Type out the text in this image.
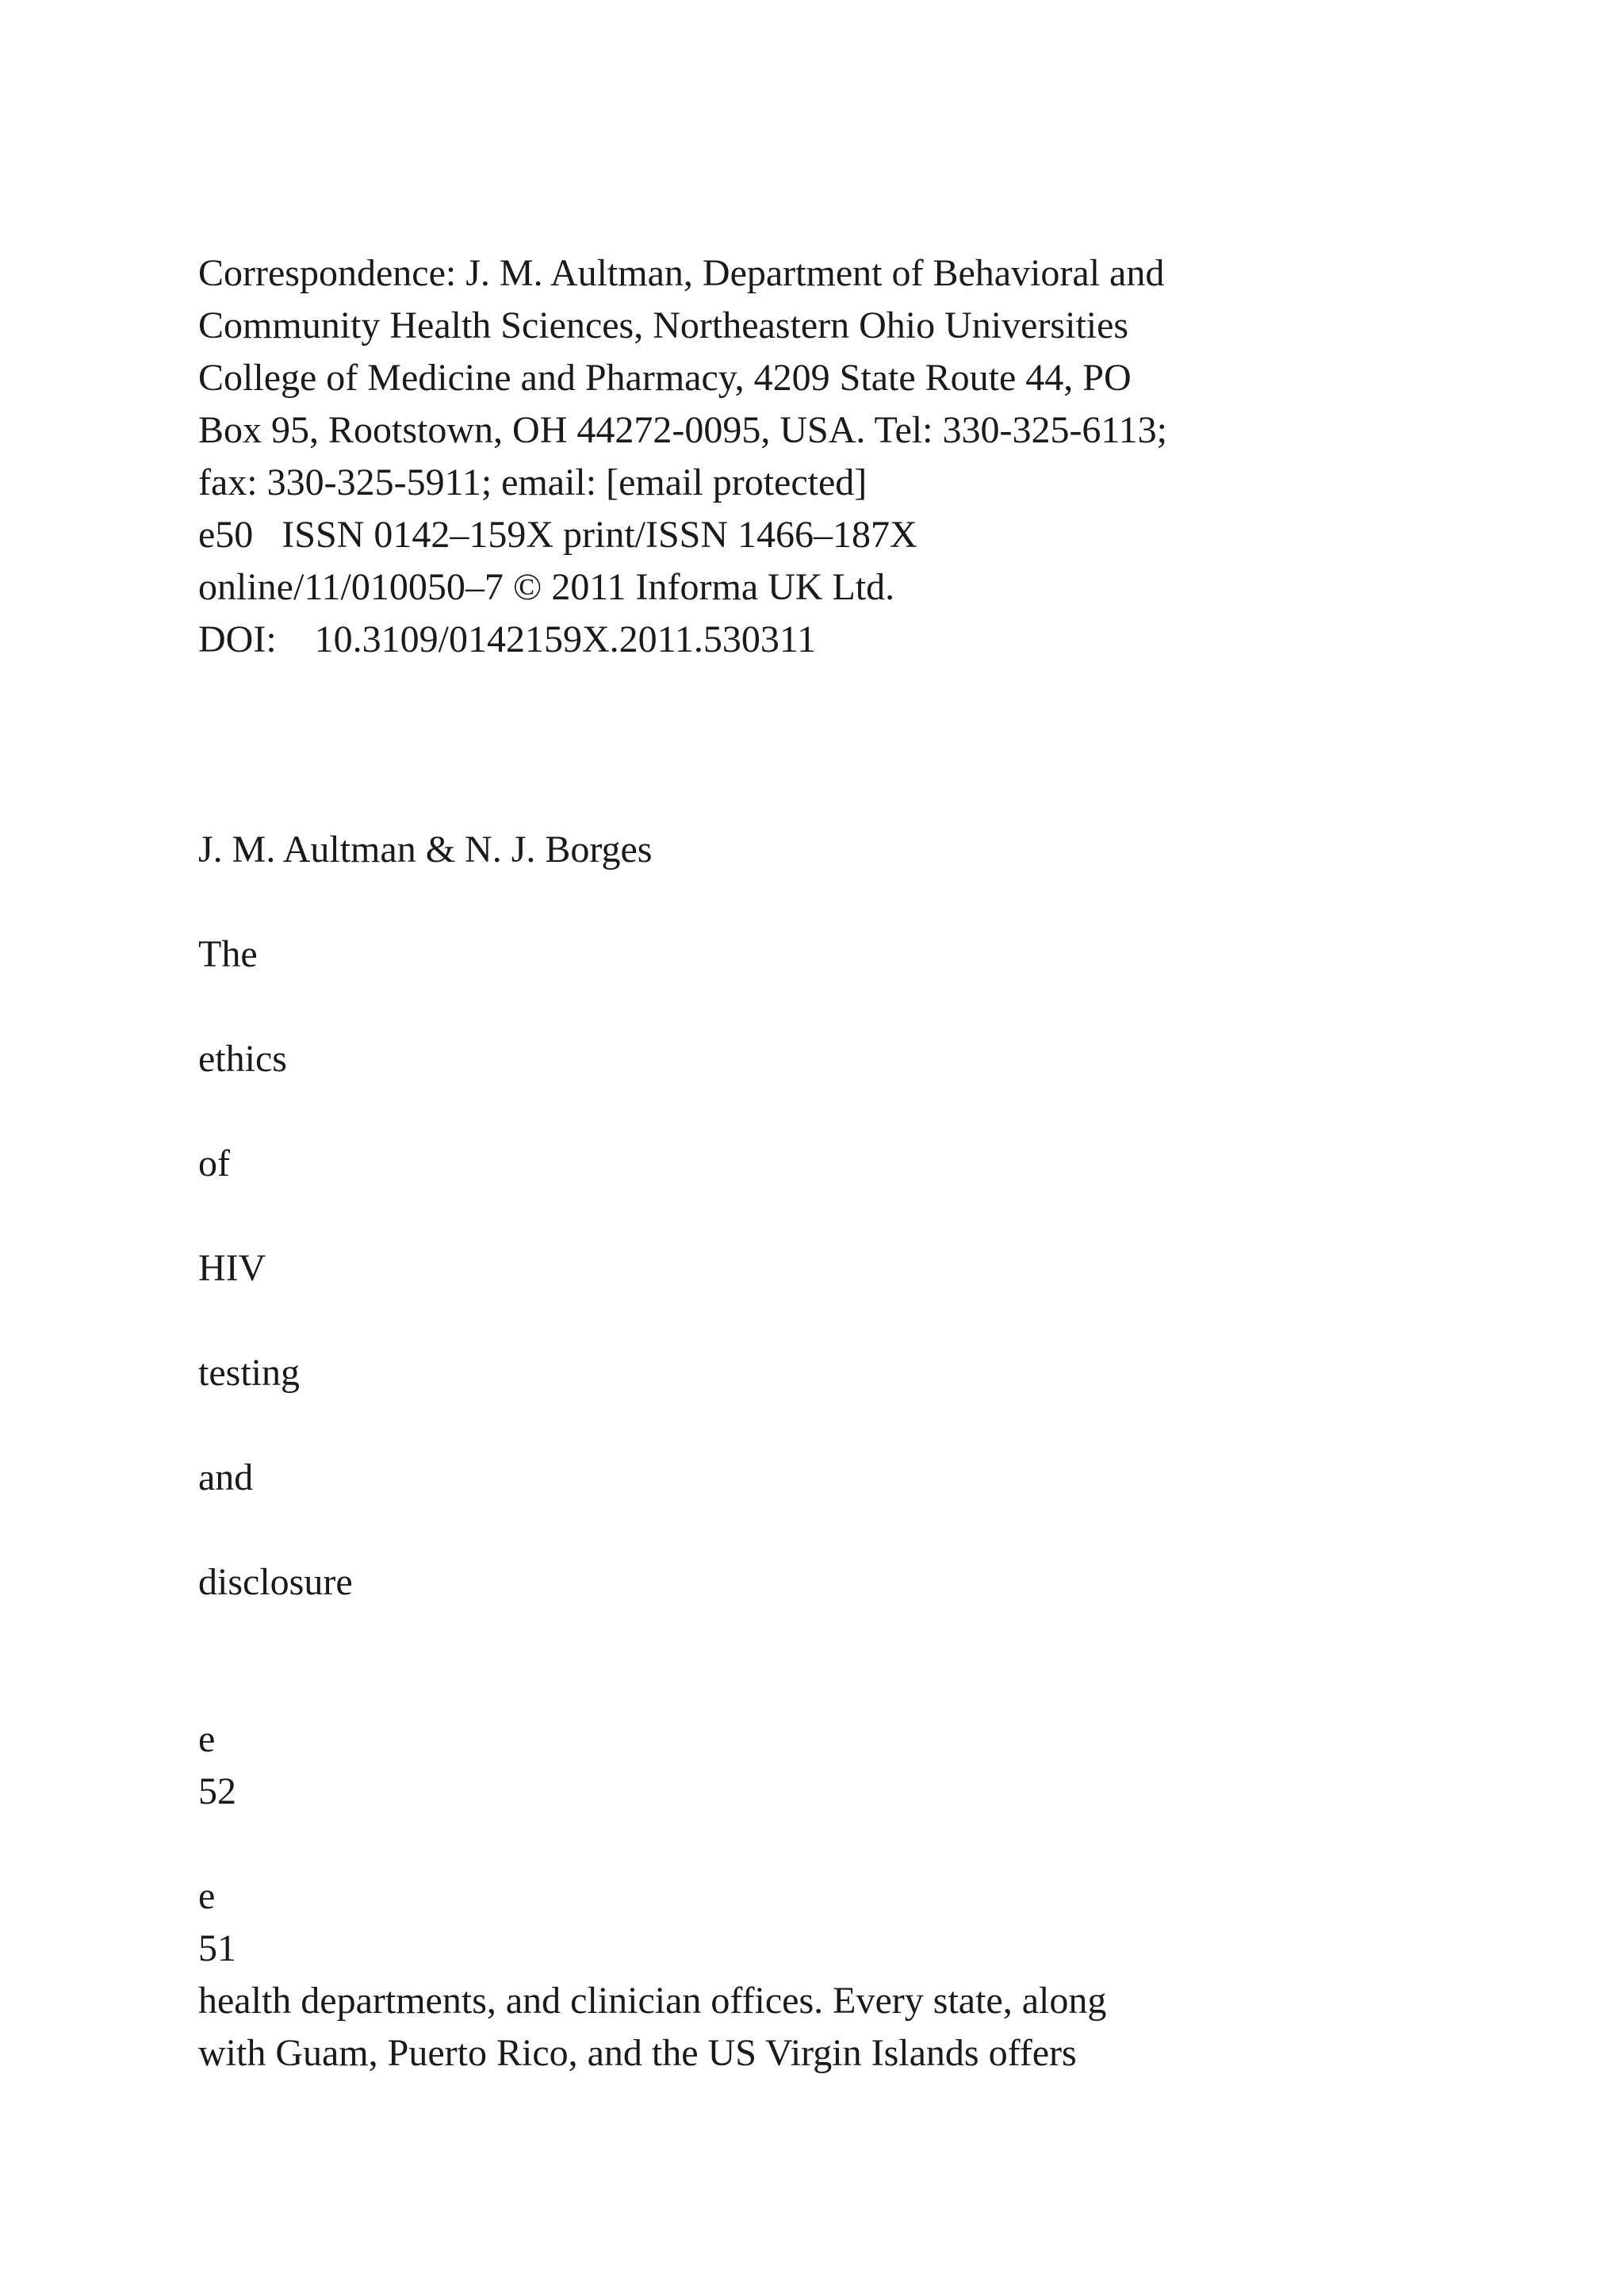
Correspondence: J. M. Aultman, Department of Behavioral and
Community Health Sciences, Northeastern Ohio Universities
College of Medicine and Pharmacy, 4209 State Route 44, PO
Box 95, Rootstown, OH 44272-0095, USA. Tel: 330-325-6113;
fax: 330-325-5911; email: [email protected]
e50   ISSN 0142–159X print/ISSN 1466–187X
online/11/010050–7 © 2011 Informa UK Ltd.
DOI:    10.3109/0142159X.2011.530311
J. M. Aultman & N. J. Borges
The
ethics
of
HIV
testing
and
disclosure
e
52
e
51
health departments, and clinician offices. Every state, along
with Guam, Puerto Rico, and the US Virgin Islands offers
